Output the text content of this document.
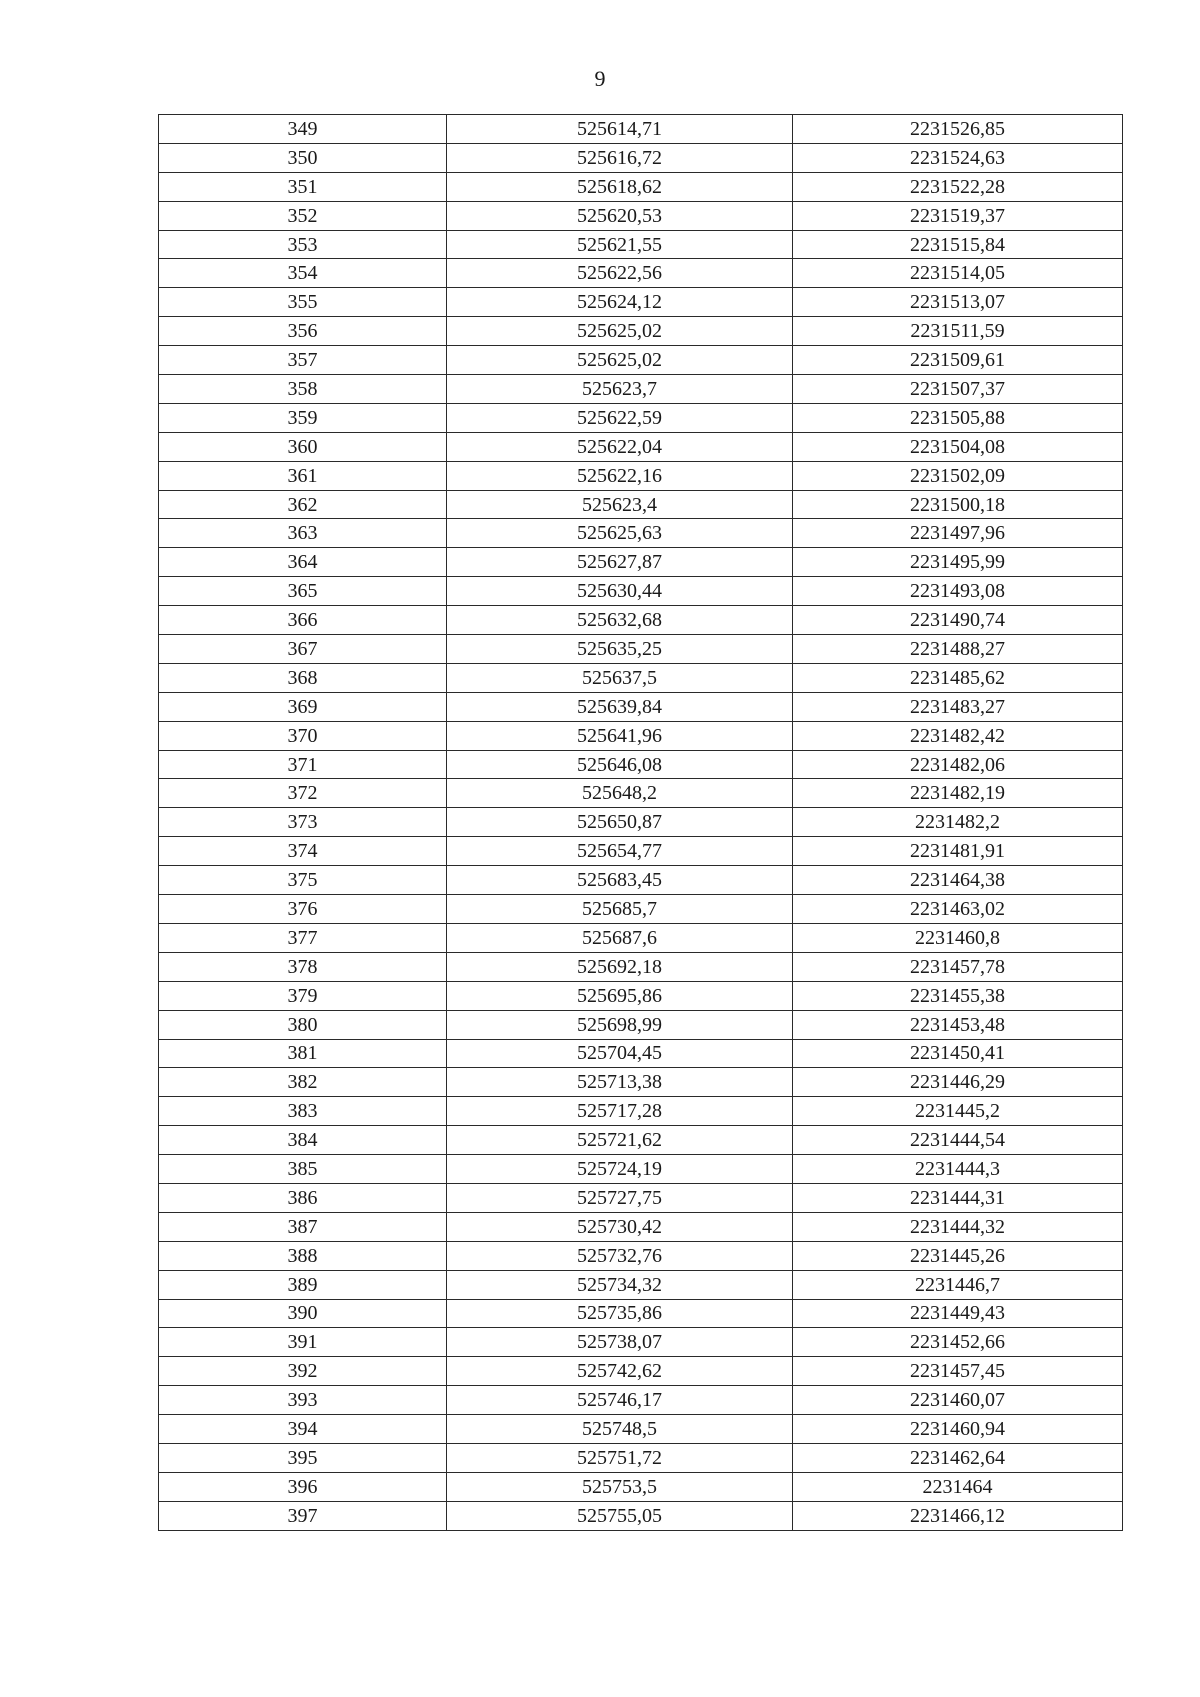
9
349	525614,71	2231526,85
350	525616,72	2231524,63
351	525618,62	2231522,28
352	525620,53	2231519,37
353	525621,55	2231515,84
354	525622,56	2231514,05
355	525624,12	2231513,07
356	525625,02	2231511,59
357	525625,02	2231509,61
358	525623,7	2231507,37
359	525622,59	2231505,88
360	525622,04	2231504,08
361	525622,16	2231502,09
362	525623,4	2231500,18
363	525625,63	2231497,96
364	525627,87	2231495,99
365	525630,44	2231493,08
366	525632,68	2231490,74
367	525635,25	2231488,27
368	525637,5	2231485,62
369	525639,84	2231483,27
370	525641,96	2231482,42
371	525646,08	2231482,06
372	525648,2	2231482,19
373	525650,87	2231482,2
374	525654,77	2231481,91
375	525683,45	2231464,38
376	525685,7	2231463,02
377	525687,6	2231460,8
378	525692,18	2231457,78
379	525695,86	2231455,38
380	525698,99	2231453,48
381	525704,45	2231450,41
382	525713,38	2231446,29
383	525717,28	2231445,2
384	525721,62	2231444,54
385	525724,19	2231444,3
386	525727,75	2231444,31
387	525730,42	2231444,32
388	525732,76	2231445,26
389	525734,32	2231446,7
390	525735,86	2231449,43
391	525738,07	2231452,66
392	525742,62	2231457,45
393	525746,17	2231460,07
394	525748,5	2231460,94
395	525751,72	2231462,64
396	525753,5	2231464
397	525755,05	2231466,12
